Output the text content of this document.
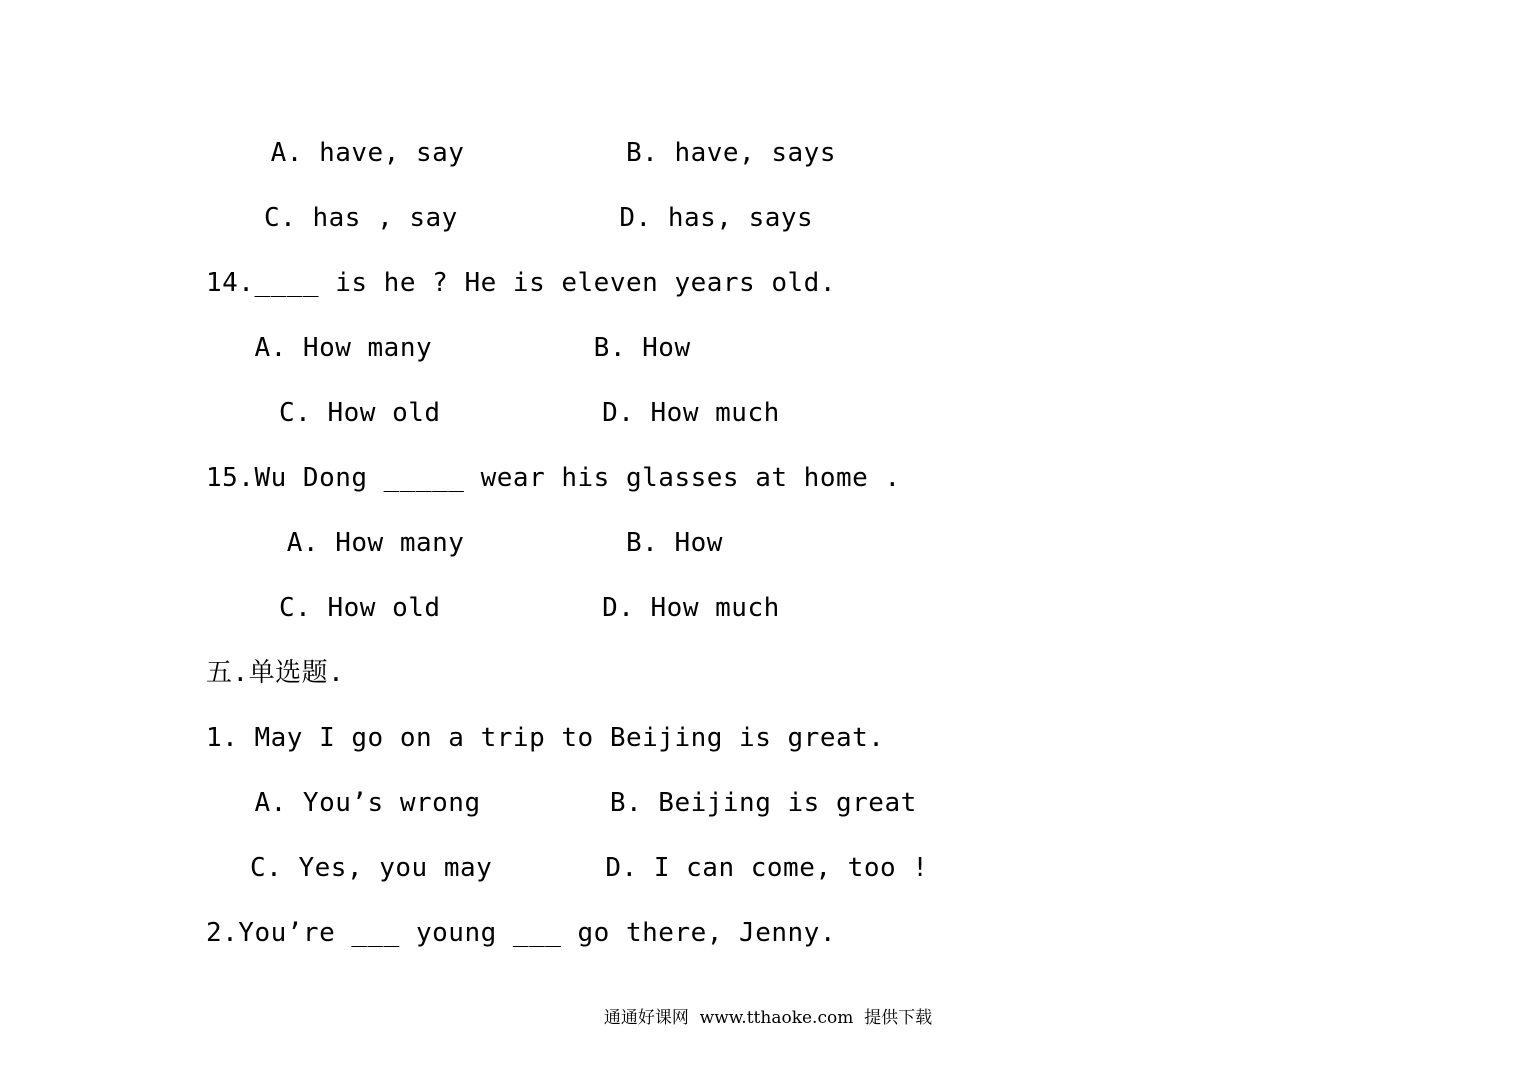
A. have, say          B. have, says
C. has , say          D. has, says
14.____ is he ? He is eleven years old.
A. How many          B. How
C. How old          D. How much
15.Wu Dong _____ wear his glasses at home .
A. How many          B. How
C. How old          D. How much
五.单选题.
1. May I go on a trip to Beijing is great.
A. You’s wrong        B. Beijing is great
C. Yes, you may       D. I can come, too !
2.You’re ___ young ___ go there, Jenny.
通通好课网  www.tthaoke.com  提供下载
